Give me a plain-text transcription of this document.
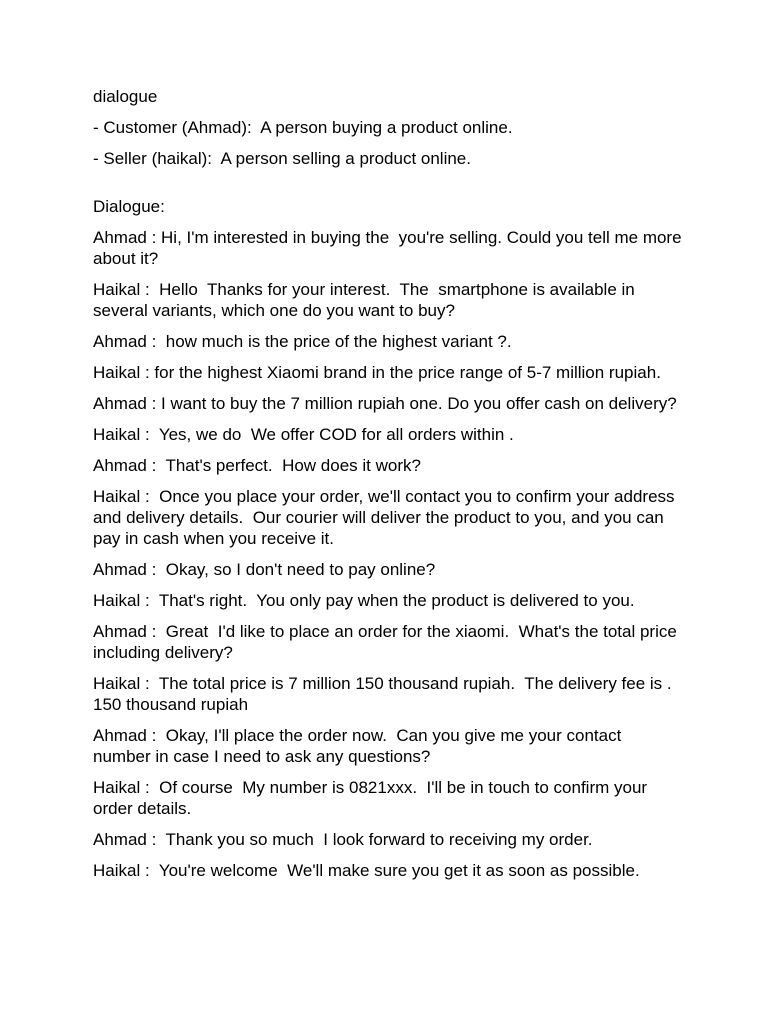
dialogue
- Customer (Ahmad):  A person buying a product online.
- Seller (haikal):  A person selling a product online.
Dialogue:
Ahmad : Hi, I'm interested in buying the  you're selling. Could you tell me more about it?
Haikal :  Hello  Thanks for your interest.  The  smartphone is available in several variants, which one do you want to buy?
Ahmad :  how much is the price of the highest variant ?.
Haikal : for the highest Xiaomi brand in the price range of 5-7 million rupiah.
Ahmad : I want to buy the 7 million rupiah one. Do you offer cash on delivery?
Haikal :  Yes, we do  We offer COD for all orders within .
Ahmad :  That's perfect.  How does it work?
Haikal :  Once you place your order, we'll contact you to confirm your address and delivery details.  Our courier will deliver the product to you, and you can pay in cash when you receive it.
Ahmad :  Okay, so I don't need to pay online?
Haikal :  That's right.  You only pay when the product is delivered to you.
Ahmad :  Great  I'd like to place an order for the xiaomi.  What's the total price including delivery?
Haikal :  The total price is 7 million 150 thousand rupiah.  The delivery fee is . 150 thousand rupiah
Ahmad :  Okay, I'll place the order now.  Can you give me your contact number in case I need to ask any questions?
Haikal :  Of course  My number is 0821xxx.  I'll be in touch to confirm your order details.
Ahmad :  Thank you so much  I look forward to receiving my order.
Haikal :  You're welcome  We'll make sure you get it as soon as possible.
